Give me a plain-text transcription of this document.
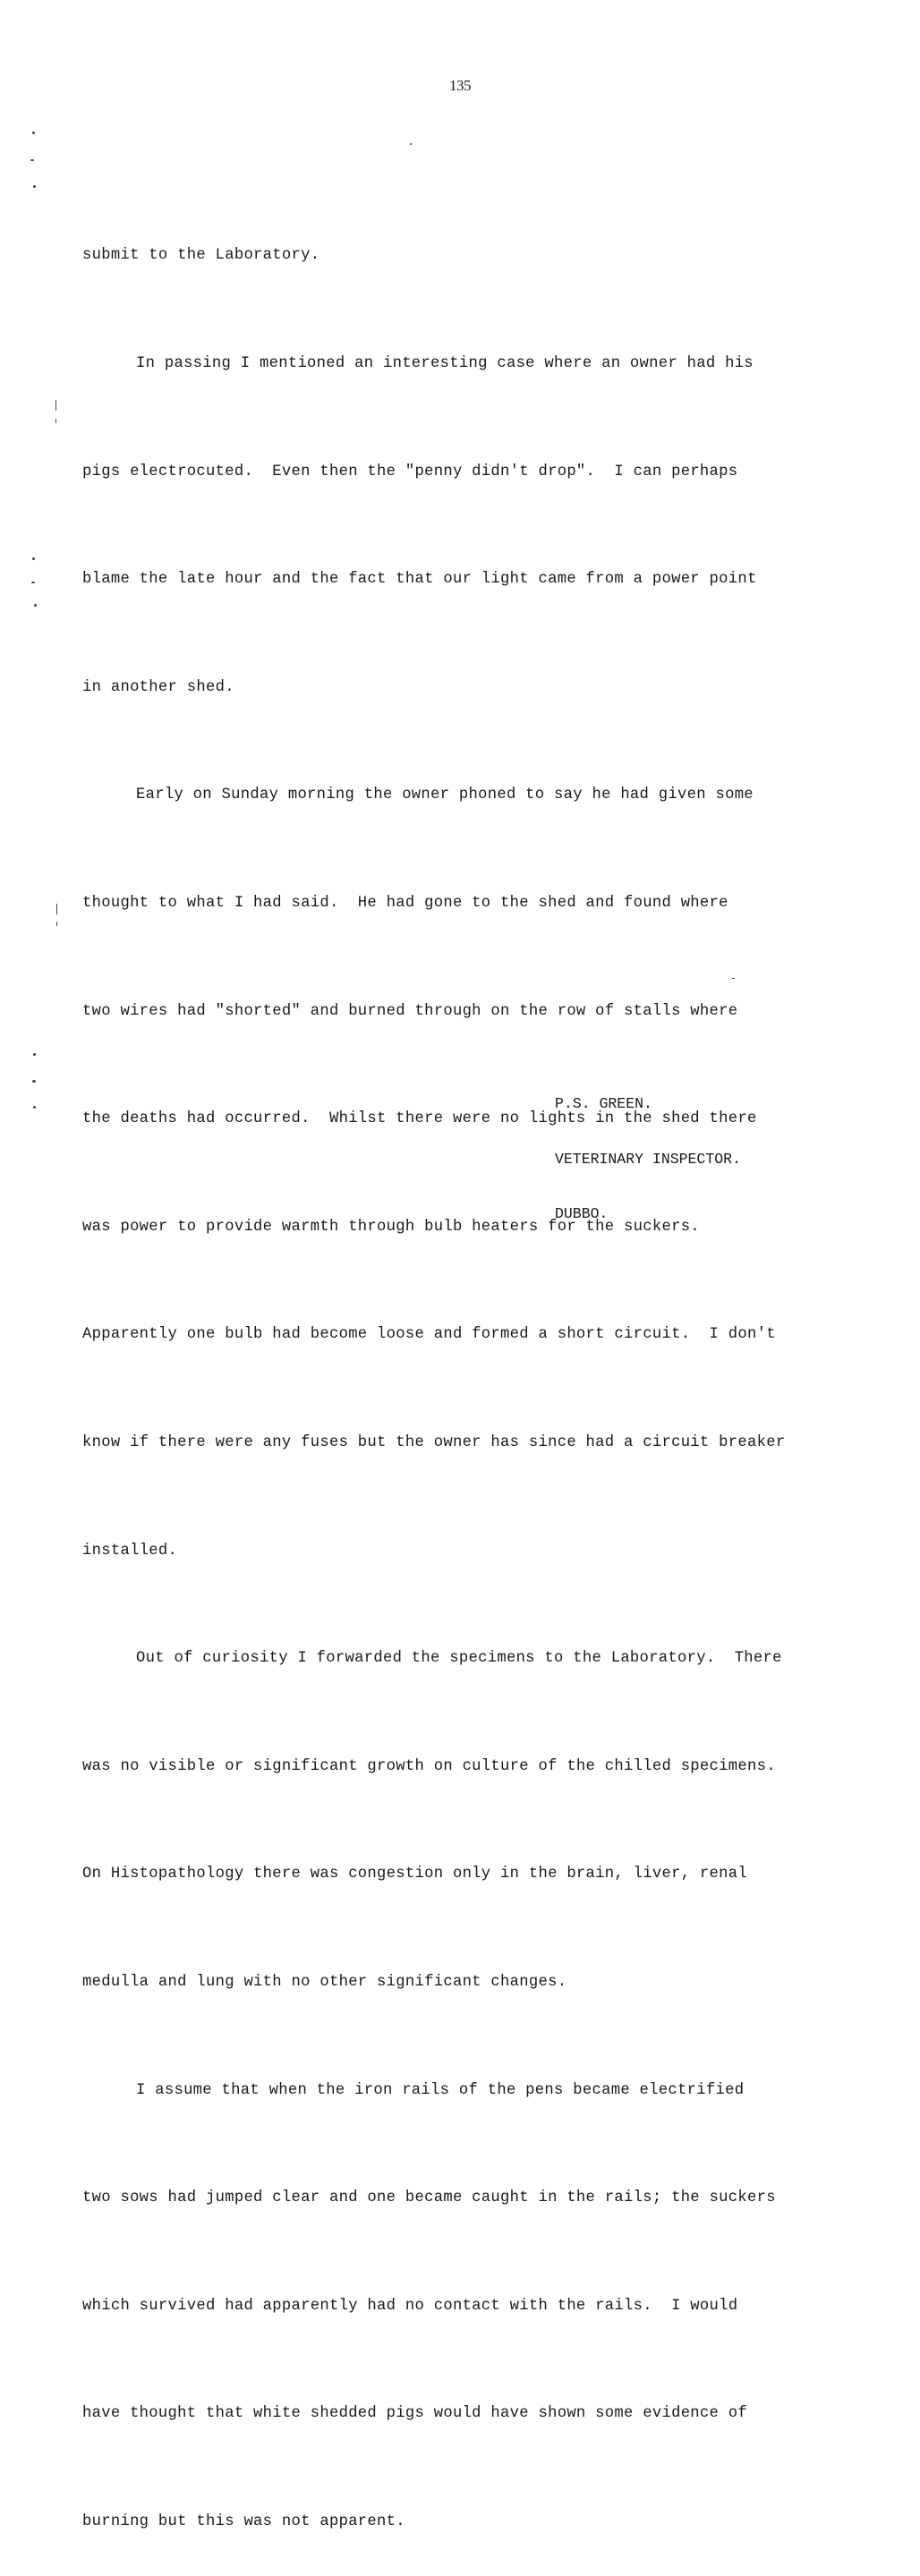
135

submit to the Laboratory.

In passing I mentioned an interesting case where an owner had his

pigs electrocuted.  Even then the "penny didn't drop".  I can perhaps

blame the late hour and the fact that our light came from a power point

in another shed.

Early on Sunday morning the owner phoned to say he had given some

thought to what I had said.  He had gone to the shed and found where

two wires had "shorted" and burned through on the row of stalls where

the deaths had occurred.  Whilst there were no lights in the shed there

was power to provide warmth through bulb heaters for the suckers.

Apparently one bulb had become loose and formed a short circuit.  I don't

know if there were any fuses but the owner has since had a circuit breaker

installed.

Out of curiosity I forwarded the specimens to the Laboratory.  There

was no visible or significant growth on culture of the chilled specimens.

On Histopathology there was congestion only in the brain, liver, renal

medulla and lung with no other significant changes.

I assume that when the iron rails of the pens became electrified

two sows had jumped clear and one became caught in the rails; the suckers

which survived had apparently had no contact with the rails.  I would

have thought that white shedded pigs would have shown some evidence of

burning but this was not apparent.

P.S. GREEN.

VETERINARY INSPECTOR.

DUBBO.
